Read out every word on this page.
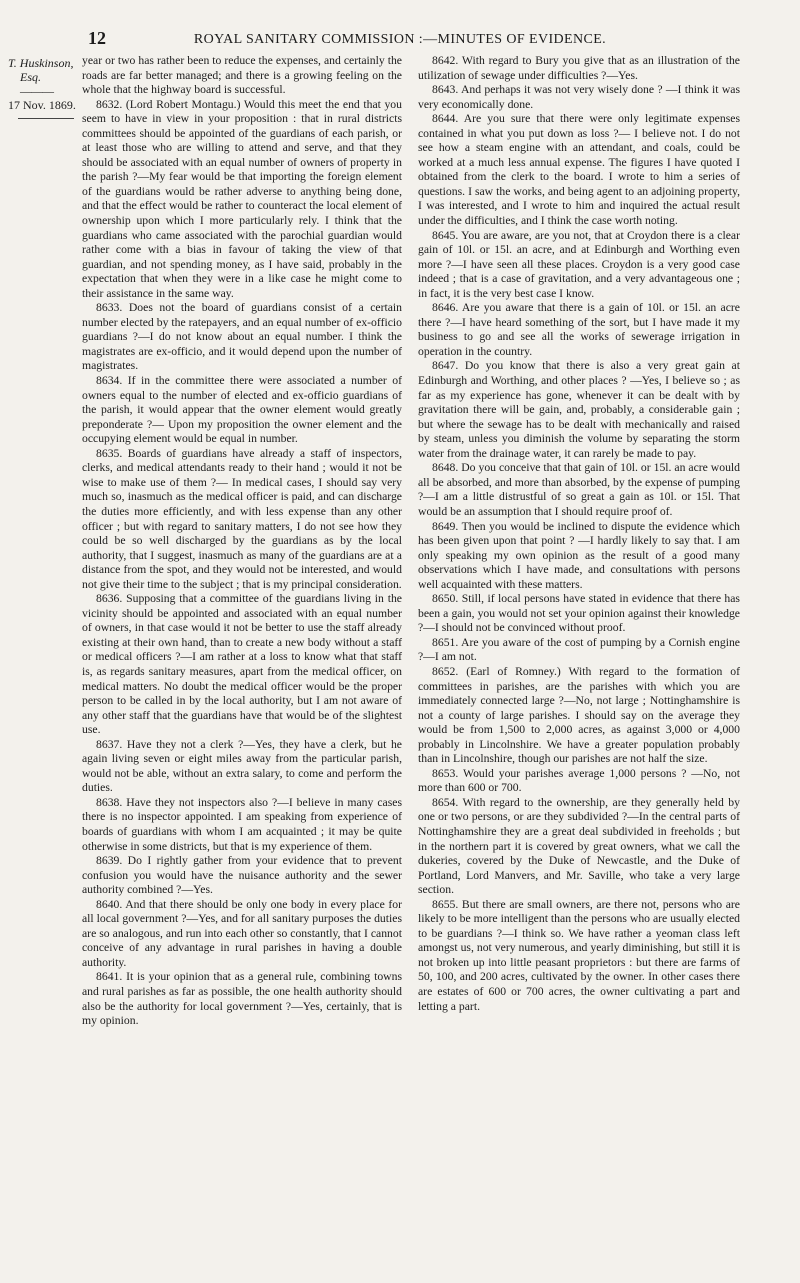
12	ROYAL SANITARY COMMISSION :—MINUTES OF EVIDENCE.
T. Huskinson,
Esq.
———
17 Nov. 1869.

year or two has rather been to reduce the expenses, and certainly the roads are far better managed; and there is a growing feeling on the whole that the highway board is successful.

8632. (Lord Robert Montagu.) Would this meet the end that you seem to have in view in your proposition : that in rural districts committees should be appointed of the guardians of each parish, or at least those who are willing to attend and serve, and that they should be associated with an equal number of owners of property in the parish ?—My fear would be that importing the foreign element of the guardians would be rather adverse to anything being done, and that the effect would be rather to counteract the local element of ownership upon which I more particularly rely. I think that the guardians who came associated with the parochial guardian would rather come with a bias in favour of taking the view of that guardian, and not spending money, as I have said, probably in the expectation that when they were in a like case he might come to their assistance in the same way.

8633. Does not the board of guardians consist of a certain number elected by the ratepayers, and an equal number of ex-officio guardians ?—I do not know about an equal number. I think the magistrates are ex-officio, and it would depend upon the number of magistrates.

8634. If in the committee there were associated a number of owners equal to the number of elected and ex-officio guardians of the parish, it would appear that the owner element would greatly preponderate ?— Upon my proposition the owner element and the occupying element would be equal in number.

8635. Boards of guardians have already a staff of inspectors, clerks, and medical attendants ready to their hand ; would it not be wise to make use of them ?— In medical cases, I should say very much so, inasmuch as the medical officer is paid, and can discharge the duties more efficiently, and with less expense than any other officer ; but with regard to sanitary matters, I do not see how they could be so well discharged by the guardians as by the local authority, that I suggest, inasmuch as many of the guardians are at a distance from the spot, and they would not be interested, and would not give their time to the subject ; that is my principal consideration.

8636. Supposing that a committee of the guardians living in the vicinity should be appointed and associated with an equal number of owners, in that case would it not be better to use the staff already existing at their own hand, than to create a new body without a staff or medical officers ?—I am rather at a loss to know what that staff is, as regards sanitary measures, apart from the medical officer, on medical matters. No doubt the medical officer would be the proper person to be called in by the local authority, but I am not aware of any other staff that the guardians have that would be of the slightest use.

8637. Have they not a clerk ?—Yes, they have a clerk, but he again living seven or eight miles away from the particular parish, would not be able, without an extra salary, to come and perform the duties.

8638. Have they not inspectors also ?—I believe in many cases there is no inspector appointed. I am speaking from experience of boards of guardians with whom I am acquainted ; it may be quite otherwise in some districts, but that is my experience of them.

8639. Do I rightly gather from your evidence that to prevent confusion you would have the nuisance authority and the sewer authority combined ?—Yes.

8640. And that there should be only one body in every place for all local government ?—Yes, and for all sanitary purposes the duties are so analogous, and run into each other so constantly, that I cannot conceive of any advantage in rural parishes in having a double authority.

8641. It is your opinion that as a general rule, combining towns and rural parishes as far as possible, the one health authority should also be the authority for local government ?—Yes, certainly, that is my opinion.

8642. With regard to Bury you give that as an illustration of the utilization of sewage under difficulties ?—Yes.

8643. And perhaps it was not very wisely done ? —I think it was very economically done.

8644. Are you sure that there were only legitimate expenses contained in what you put down as loss ?— I believe not. I do not see how a steam engine with an attendant, and coals, could be worked at a much less annual expense. The figures I have quoted I obtained from the clerk to the board. I wrote to him a series of questions. I saw the works, and being agent to an adjoining property, I was interested, and I wrote to him and inquired the actual result under the difficulties, and I think the case worth noting.

8645. You are aware, are you not, that at Croydon there is a clear gain of 10l. or 15l. an acre, and at Edinburgh and Worthing even more ?—I have seen all these places. Croydon is a very good case indeed ; that is a case of gravitation, and a very advantageous one ; in fact, it is the very best case I know.

8646. Are you aware that there is a gain of 10l. or 15l. an acre there ?—I have heard something of the sort, but I have made it my business to go and see all the works of sewerage irrigation in operation in the country.

8647. Do you know that there is also a very great gain at Edinburgh and Worthing, and other places ? —Yes, I believe so ; as far as my experience has gone, whenever it can be dealt with by gravitation there will be gain, and, probably, a considerable gain ; but where the sewage has to be dealt with mechanically and raised by steam, unless you diminish the volume by separating the storm water from the drainage water, it can rarely be made to pay.

8648. Do you conceive that that gain of 10l. or 15l. an acre would all be absorbed, and more than absorbed, by the expense of pumping ?—I am a little distrustful of so great a gain as 10l. or 15l. That would be an assumption that I should require proof of.

8649. Then you would be inclined to dispute the evidence which has been given upon that point ? —I hardly likely to say that. I am only speaking my own opinion as the result of a good many observations which I have made, and consultations with persons well acquainted with these matters.

8650. Still, if local persons have stated in evidence that there has been a gain, you would not set your opinion against their knowledge ?—I should not be convinced without proof.

8651. Are you aware of the cost of pumping by a Cornish engine ?—I am not.

8652. (Earl of Romney.) With regard to the formation of committees in parishes, are the parishes with which you are immediately connected large ?—No, not large ; Nottinghamshire is not a county of large parishes. I should say on the average they would be from 1,500 to 2,000 acres, as against 3,000 or 4,000 probably in Lincolnshire. We have a greater population probably than in Lincolnshire, though our parishes are not half the size.

8653. Would your parishes average 1,000 persons ? —No, not more than 600 or 700.

8654. With regard to the ownership, are they generally held by one or two persons, or are they subdivided ?—In the central parts of Nottinghamshire they are a great deal subdivided in freeholds ; but in the northern part it is covered by great owners, what we call the dukeries, covered by the Duke of Newcastle, and the Duke of Portland, Lord Manvers, and Mr. Saville, who take a very large section.

8655. But there are small owners, are there not, persons who are likely to be more intelligent than the persons who are usually elected to be guardians ?—I think so. We have rather a yeoman class left amongst us, not very numerous, and yearly diminishing, but still it is not broken up into little peasant proprietors : but there are farms of 50, 100, and 200 acres, cultivated by the owner. In other cases there are estates of 600 or 700 acres, the owner cultivating a part and letting a part.
